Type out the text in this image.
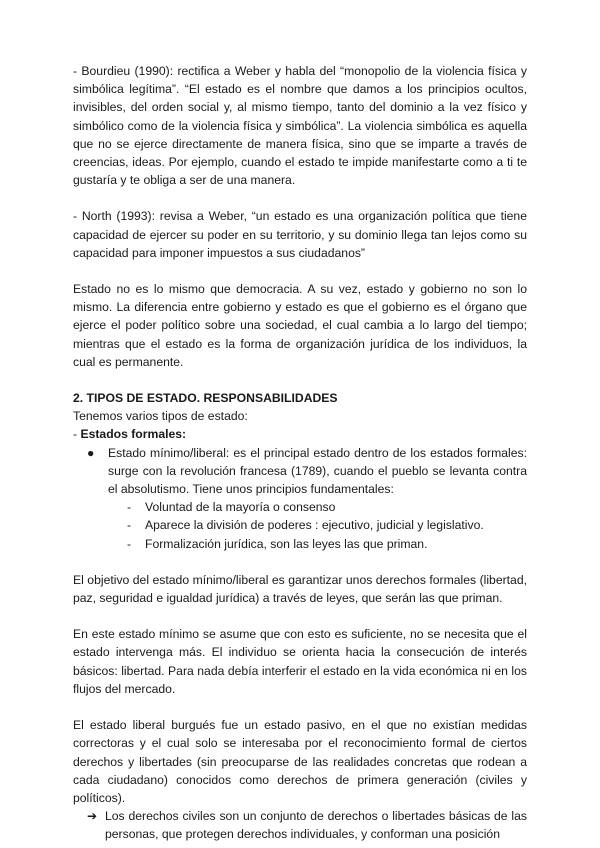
- Bourdieu (1990): rectifica a Weber y habla del “monopolio de la violencia física y simbólica legítima”. “El estado es el nombre que damos a los principios ocultos, invisibles, del orden social y, al mismo tiempo, tanto del dominio a la vez físico y simbólico como de la violencia física y simbólica”. La violencia simbólica es aquella que no se ejerce directamente de manera física, sino que se imparte a través de creencias, ideas. Por ejemplo, cuando el estado te impide manifestarte como a ti te gustaría y te obliga a ser de una manera.

- North (1993): revisa a Weber, “un estado es una organización política que tiene capacidad de ejercer su poder en su territorio, y su dominio llega tan lejos como su capacidad para imponer impuestos a sus ciudadanos”

Estado no es lo mismo que democracia. A su vez, estado y gobierno no son lo mismo. La diferencia entre gobierno y estado es que el gobierno es el órgano que ejerce el poder político sobre una sociedad, el cual cambia a lo largo del tiempo; mientras que el estado es la forma de organización jurídica de los individuos, la cual es permanente.

2. TIPOS DE ESTADO. RESPONSABILIDADES

Tenemos varios tipos de estado:

- Estados formales:

● Estado mínimo/liberal: es el principal estado dentro de los estados formales: surge con la revolución francesa (1789), cuando el pueblo se levanta contra el absolutismo. Tiene unos principios fundamentales:
- Voluntad de la mayoría o consenso
- Aparece la división de poderes : ejecutivo, judicial y legislativo.
- Formalización jurídica, son las leyes las que priman.

El objetivo del estado mínimo/liberal es garantizar unos derechos formales (libertad, paz, seguridad e igualdad jurídica) a través de leyes, que serán las que priman.

En este estado mínimo se asume que con esto es suficiente, no se necesita que el estado intervenga más. El individuo se orienta hacia la consecución de interés básicos: libertad. Para nada debía interferir el estado en la vida económica ni en los flujos del mercado.

El estado liberal burgués fue un estado pasivo, en el que no existían medidas correctoras y el cual solo se interesaba por el reconocimiento formal de ciertos derechos y libertades (sin preocuparse de las realidades concretas que rodean a cada ciudadano) conocidos como derechos de primera generación (civiles y políticos).

➔ Los derechos civiles son un conjunto de derechos o libertades básicas de las personas, que protegen derechos individuales, y conforman una posición
